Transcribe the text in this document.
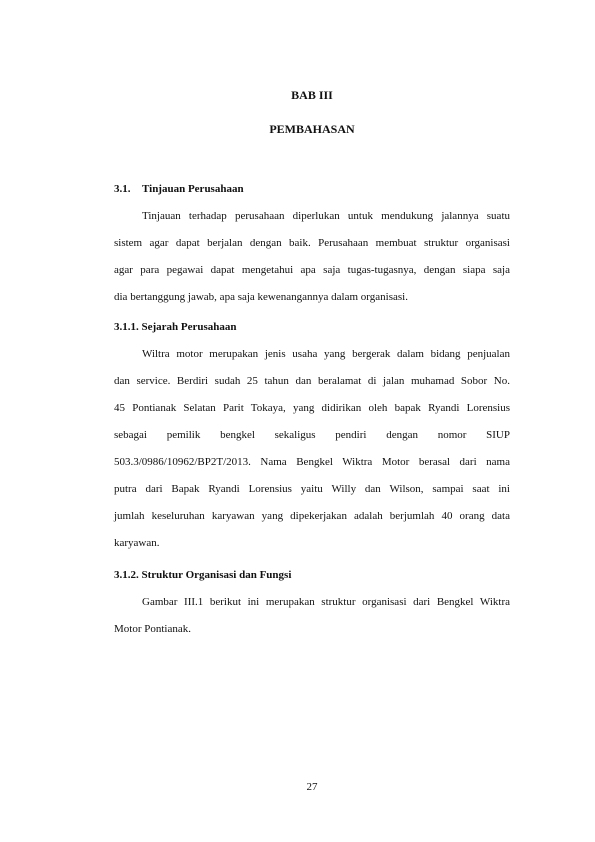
BAB III
PEMBAHASAN
3.1. Tinjauan Perusahaan

Tinjauan terhadap perusahaan diperlukan untuk mendukung jalannya suatu
sistem agar dapat berjalan dengan baik. Perusahaan membuat struktur organisasi
agar para pegawai dapat mengetahui apa saja tugas-tugasnya, dengan siapa saja
dia bertanggung jawab, apa saja kewenangannya dalam organisasi.

3.1.1. Sejarah Perusahaan

Wiltra motor merupakan jenis usaha yang bergerak dalam bidang penjualan
dan service. Berdiri sudah 25 tahun dan beralamat di jalan muhamad Sobor No.
45 Pontianak Selatan Parit Tokaya, yang didirikan oleh bapak Ryandi Lorensius
sebagai pemilik bengkel sekaligus pendiri dengan nomor SIUP
503.3/0986/10962/BP2T/2013. Nama Bengkel Wiktra Motor berasal dari nama
putra dari Bapak Ryandi Lorensius yaitu Willy dan Wilson, sampai saat ini
jumlah keseluruhan karyawan yang dipekerjakan adalah berjumlah 40 orang data
karyawan.

3.1.2. Struktur Organisasi dan Fungsi

Gambar III.1 berikut ini merupakan struktur organisasi dari Bengkel Wiktra
Motor Pontianak.

27
